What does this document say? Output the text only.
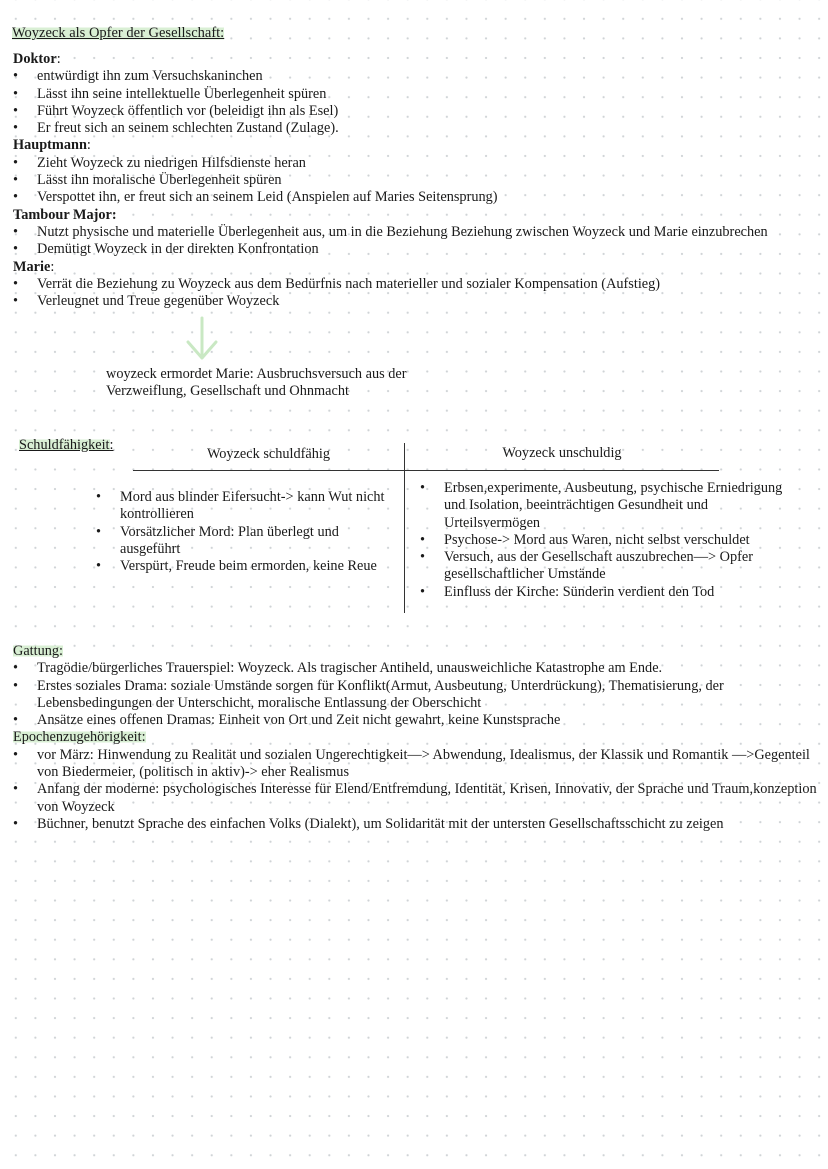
Woyzeck als Opfer der Gesellschaft:
Doktor:
• entwürdigt ihn zum Versuchskaninchen
• Lässt ihn seine intellektuelle Überlegenheit spüren
• Führt Woyzeck öffentlich vor (beleidigt ihn als Esel)
• Er freut sich an seinem schlechten Zustand (Zulage).
Hauptmann:
• Zieht Woyzeck zu niedrigen Hilfsdienste heran
• Lässt ihn moralische Überlegenheit spüren
• Verspottet ihn, er freut sich an seinem Leid (Anspielen auf Maries Seitensprung)
Tambour Major:
• Nutzt physische und materielle Überlegenheit aus, um in die Beziehung Beziehung zwischen Woyzeck und Marie einzubrechen
• Demütigt Woyzeck in der direkten Konfrontation
Marie:
• Verrät die Beziehung zu Woyzeck aus dem Bedürfnis nach materieller und sozialer Kompensation (Aufstieg)
• Verleugnet und Treue gegenüber Woyzeck
woyzeck ermordet Marie: Ausbruchsversuch aus der Verzweiflung, Gesellschaft und Ohnmacht
Schuldfähigkeit:
Woyzeck schuldfähig	Woyzeck unschuldig
• Mord aus blinder Eifersucht-> kann Wut nicht kontrollieren
• Vorsätzlicher Mord: Plan überlegt und ausgeführt
• Verspürt, Freude beim ermorden, keine Reue
• Erbsen,experimente, Ausbeutung, psychische Erniedrigung und Isolation, beeinträchtigen Gesundheit und Urteilsvermögen
• Psychose-> Mord aus Waren, nicht selbst verschuldet
• Versuch, aus der Gesellschaft auszubrechen—> Opfer gesellschaftlicher Umstände
• Einfluss der Kirche: Sünderin verdient den Tod
Gattung:
• Tragödie/bürgerliches Trauerspiel: Woyzeck. Als tragischer Antiheld, unausweichliche Katastrophe am Ende.
• Erstes soziales Drama: soziale Umstände sorgen für Konflikt(Armut, Ausbeutung, Unterdrückung), Thematisierung, der Lebensbedingungen der Unterschicht, moralische Entlassung der Oberschicht
• Ansätze eines offenen Dramas: Einheit von Ort und Zeit nicht gewahrt, keine Kunstsprache
Epochenzugehörigkeit:
• vor März: Hinwendung zu Realität und sozialen Ungerechtigkeit—> Abwendung, Idealismus, der Klassik und Romantik —>Gegenteil von Biedermeier, (politisch in aktiv)-> eher Realismus
• Anfang der moderne: psychologisches Interesse für Elend/Entfremdung, Identität, Krisen, Innovativ, der Sprache und Traum,konzeption von Woyzeck
• Büchner, benutzt Sprache des einfachen Volks (Dialekt), um Solidarität mit der untersten Gesellschaftsschicht zu zeigen
